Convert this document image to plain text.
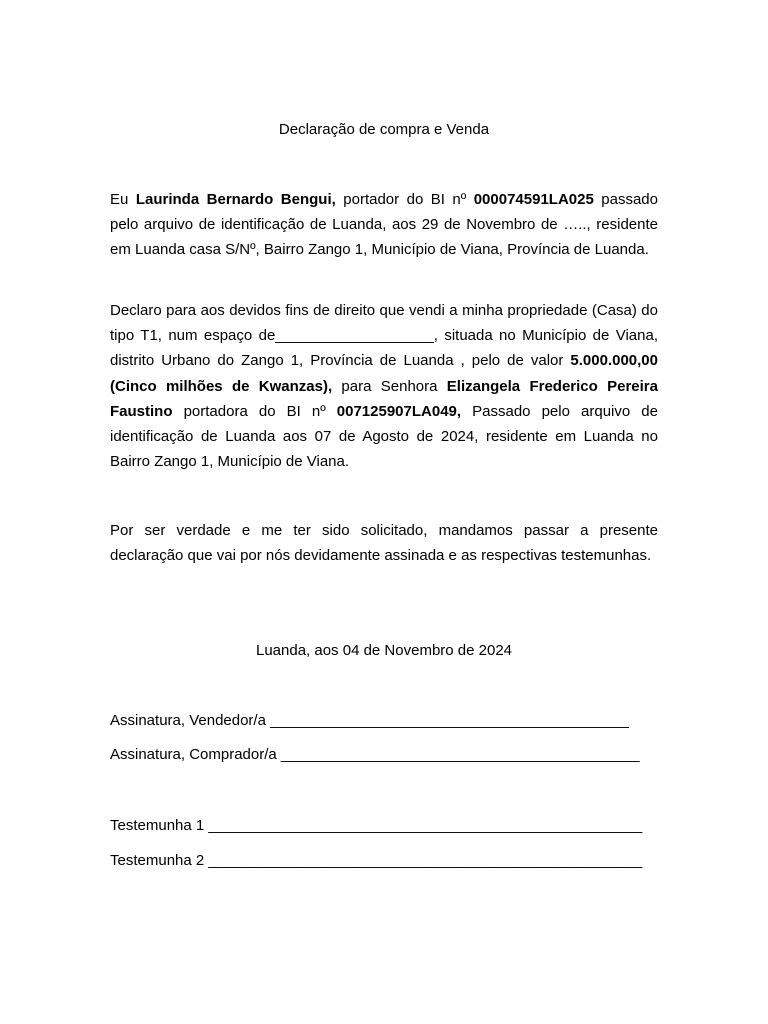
Declaração de compra e Venda

Eu Laurinda Bernardo Bengui, portador do BI nº 000074591LA025 passado pelo arquivo de identificação de Luanda, aos 29 de Novembro de ….., residente em Luanda casa S/Nº, Bairro Zango 1, Município de Viana, Província de Luanda.

Declaro para aos devidos fins de direito que vendi a minha propriedade (Casa) do tipo T1, num espaço de___________________, situada no Município de Viana, distrito Urbano do Zango 1, Província de Luanda , pelo de valor 5.000.000,00 (Cinco milhões de Kwanzas), para Senhora Elizangela Frederico Pereira Faustino portadora do BI nº 007125907LA049, Passado pelo arquivo de identificação de Luanda aos 07 de Agosto de 2024, residente em Luanda no Bairro Zango 1, Município de Viana.

Por ser verdade e me ter sido solicitado, mandamos passar a presente declaração que vai por nós devidamente assinada e as respectivas testemunhas.

Luanda, aos 04 de Novembro de 2024
Assinatura, Vendedor/a ___________________________________________
Assinatura, Comprador/a ___________________________________________
Testemunha 1 ____________________________________________________
Testemunha 2 ____________________________________________________
